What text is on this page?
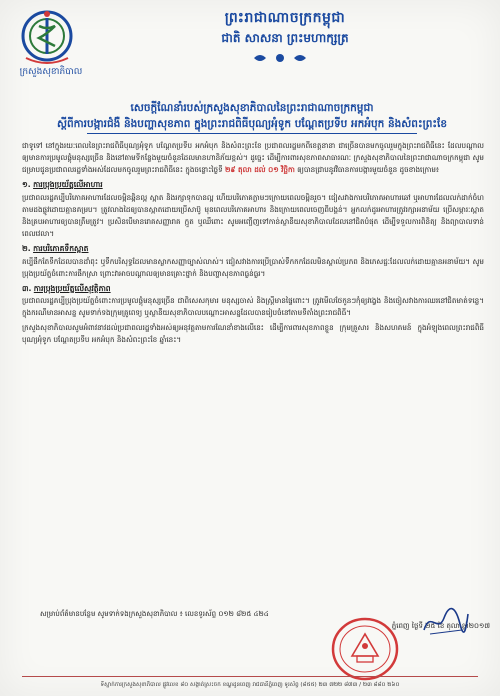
ក្រសួងសុខាភិបាល
ព្រះរាជាណាចក្រកម្ពុជា
ជាតិ សាសនា ព្រះមហាក្សត្រ
សេចក្ដីណែនាំរបស់ក្រសួងសុខាភិបាលនៃព្រះរាជាណាចក្រកម្ពុជា
ស្ដីពីការបង្ការជំងឺ និងបញ្ហាសុខភាព ក្នុងព្រះរាជពិធីបុណ្យអុំទូក បណ្ដែតប្រទីប អកអំបុក និងសំពះព្រះខែ

ជាទូទៅ នៅក្នុងរយៈពេលនៃព្រះរាជពិធីបុណ្យអុំទូក បណ្ដែតប្រទីប អកអំបុក និងសំពះព្រះខែ ប្រជាពលរដ្ឋមកពីខេត្តនានា ជាច្រើនបានមកចូលរួមក្នុងព្រះរាជពិធីនេះ ដែលបណ្ដាលឲ្យមានការប្រមូលផ្ដុំមនុស្សច្រើន និងនៅតាមទីកន្លែងមួយចំនួនដែលមានហានិភ័យខ្ពស់។ ដូច្នេះ ដើម្បីការពារសុខភាពសាធារណៈ ក្រសួងសុខាភិបាលនៃព្រះរាជាណាចក្រកម្ពុជា សូមជម្រាបជូនប្រជាពលរដ្ឋទាំងអស់ដែលមកចូលរួមព្រះរាជពិធីនេះ ក្នុងចន្លោះថ្ងៃទី ២៩ តុលា ដល់ ០១ វិច្ឆិកា ឲ្យបានជ្រាបនូវវិធានការបង្ការមួយចំនួន ដូចខាងក្រោម៖

១. ការប្រុងប្រយ័ត្នលើអាហារ

ប្រជាពលរដ្ឋគប្បីបរិភោគអាហារដែលចម្អិនឆ្អិនល្អ ស្អាត និងរក្សាទុកបានល្អ ហើយបរិភោគភ្លាមៗក្រោយពេលចម្អិនរួច។ ជៀសវាងការបរិភោគអាហារឆៅ ឬអាហារដែលលក់ដាក់ចំហតាមដងផ្លូវដោយគ្មានគម្រប។ ត្រូវលាងដៃឲ្យបានស្អាតដោយប្រើសាប៊ូ មុនពេលបរិភោគអាហារ និងក្រោយពេលចេញពីបង្គន់។ អ្នកលក់ដូរអាហារត្រូវរក្សាអនាម័យ ប្រើសម្ភារៈស្អាត និងគ្របអាហារឲ្យបានត្រឹមត្រូវ។ ប្រសិនបើមានរោគសញ្ញារាគ ក្អួត ឬឈឺពោះ សូមអញ្ជើញទៅកាន់ស្ថានីយសុខាភិបាលដែលនៅជិតបំផុត ដើម្បីទទួលការពិនិត្យ និងព្យាបាលទាន់ពេលវេលា។

២. ការបរិភោគទឹកស្អាត

គប្បីផឹកតែទឹកដែលបានដាំពុះ ឬទឹកបរិសុទ្ធដែលមានស្លាកសញ្ញាច្បាស់លាស់។ ជៀសវាងការប្រើប្រាស់ទឹកកកដែលមិនស្គាល់ប្រភព និងភេសជ្ជៈដែលលក់ដោយគ្មានអនាម័យ។ សូមប្រុងប្រយ័ត្នចំពោះការផឹកស្រា ព្រោះវាអាចបណ្ដាលឲ្យមានគ្រោះថ្នាក់ និងបញ្ហាសុខភាពធ្ងន់ធ្ងរ។

៣. ការប្រុងប្រយ័ត្នលើសុវត្ថិភាព

ប្រជាពលរដ្ឋគប្បីប្រុងប្រយ័ត្នចំពោះការប្រមូលផ្ដុំមនុស្សច្រើន ជាពិសេសកុមារ មនុស្សចាស់ និងស្ត្រីមានផ្ទៃពោះ។ ត្រូវមើលថែកូនៗកុំឲ្យវង្វេង និងចៀសវាងការឈរនៅជិតមាត់ទន្លេ។ ក្នុងករណីមានអាសន្ន សូមទាក់ទងក្រុមគ្រូពេទ្យ ឬស្ថានីយសុខាភិបាលបណ្ដោះអាសន្នដែលបានរៀបចំនៅតាមទីតាំងព្រះរាជពិធី។

ក្រសួងសុខាភិបាលសូមអំពាវនាវដល់ប្រជាពលរដ្ឋទាំងអស់ឲ្យអនុវត្តតាមការណែនាំខាងលើនេះ ដើម្បីការពារសុខភាពខ្លួន ក្រុមគ្រួសារ និងសហគមន៍ ក្នុងអំឡុងពេលព្រះរាជពិធីបុណ្យអុំទូក បណ្ដែតប្រទីប អកអំបុក និងសំពះព្រះខែ ឆ្នាំនេះ។

សម្រាប់ព័ត៌មានបន្ថែម សូមទាក់ទងក្រសួងសុខាភិបាល ៖ លេខទូរស័ព្ទ ០១២ ៨២៥ ៤២៤
ភ្នំពេញ ថ្ងៃទី ២៥ ខែ តុលា ឆ្នាំ២០១៧
ទីស្នាក់ការក្រសួងសុខាភិបាល ផ្លូវលេខ ៨០ សង្កាត់ស្រះចក ខណ្ឌដូនពេញ រាជធានីភ្នំពេញ ទូរស័ព្ទ (៨៥៥) ២៣ ៧២២ ៨៧៣ / ២៣ ៨៨០ ២៦០
